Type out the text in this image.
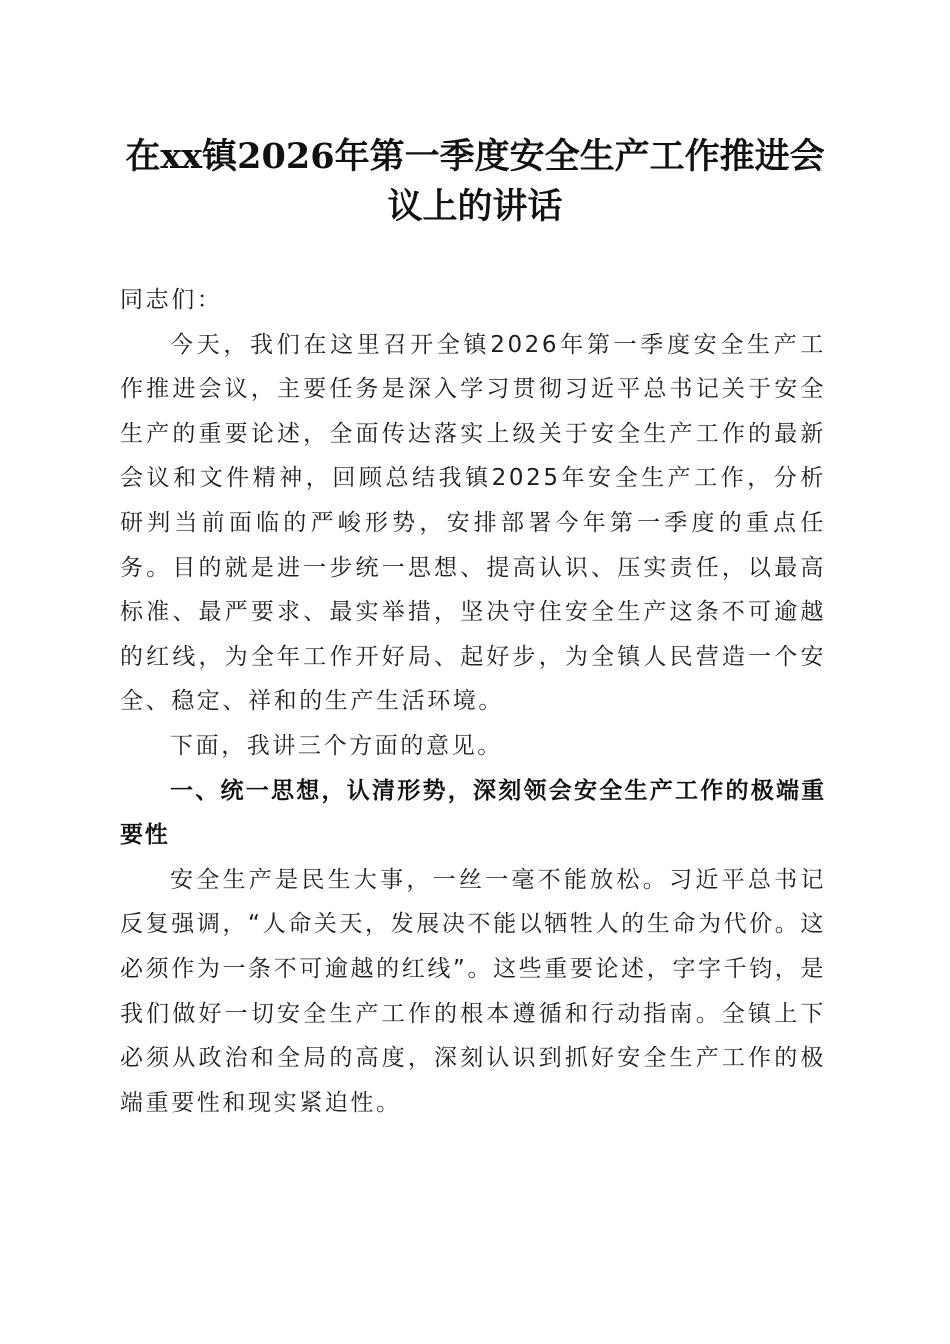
在xx镇2026年第一季度安全生产工作推进会
议上的讲话

同志们：

今天，我们在这里召开全镇2026年第一季度安全生产工作推进会议，主要任务是深入学习贯彻习近平总书记关于安全生产的重要论述，全面传达落实上级关于安全生产工作的最新会议和文件精神，回顾总结我镇2025年安全生产工作，分析研判当前面临的严峻形势，安排部署今年第一季度的重点任务。目的就是进一步统一思想、提高认识、压实责任，以最高标准、最严要求、最实举措，坚决守住安全生产这条不可逾越的红线，为全年工作开好局、起好步，为全镇人民营造一个安全、稳定、祥和的生产生活环境。

下面，我讲三个方面的意见。

一、统一思想，认清形势，深刻领会安全生产工作的极端重要性

安全生产是民生大事，一丝一毫不能放松。习近平总书记反复强调，“人命关天，发展决不能以牺牲人的生命为代价。这必须作为一条不可逾越的红线”。这些重要论述，字字千钧，是我们做好一切安全生产工作的根本遵循和行动指南。全镇上下必须从政治和全局的高度，深刻认识到抓好安全生产工作的极端重要性和现实紧迫性。
